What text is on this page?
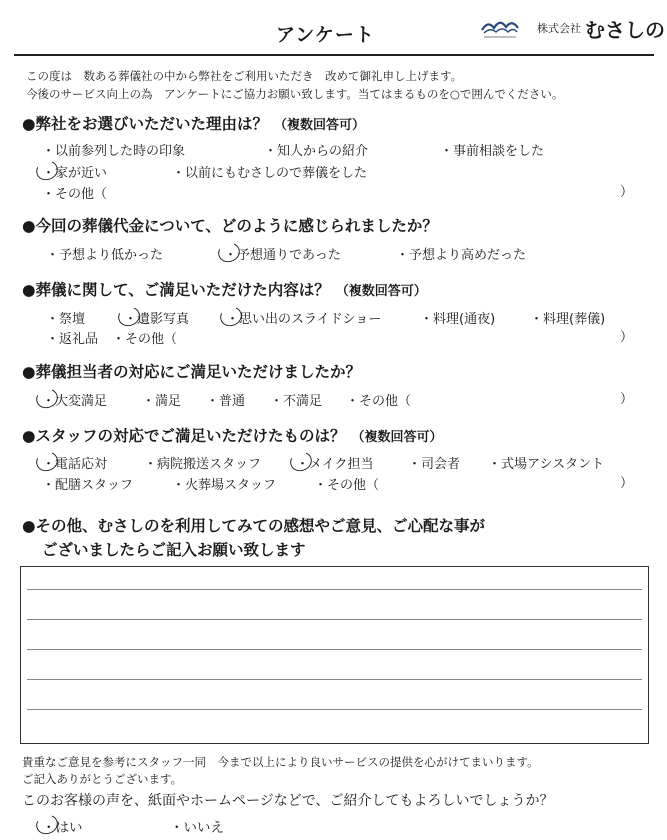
アンケート	株式会社 むさしの
この度は　数ある葬儀社の中から弊社をご利用いただき　改めて御礼申し上げます。
今後のサービス向上の為　アンケートにご協力お願い致します。当てはまるものを○で囲んでください。
●弊社をお選びいただいた理由は？ （複数回答可）
・以前参列した時の印象	・知人からの紹介	・事前相談をした
・家が近い	・以前にもむさしので葬儀をした
・その他（	）
●今回の葬儀代金について、どのように感じられましたか？
・予想より低かった	・予想通りであった	・予想より高めだった
●葬儀に関して、ご満足いただけた内容は？ （複数回答可）
・祭壇	・遺影写真	・思い出のスライドショー	・料理(通夜)	・料理(葬儀)
・返礼品 ・その他（	）
●葬儀担当者の対応にご満足いただけましたか？
・大変満足	・満足 ・普通 ・不満足 ・その他（	）
●スタッフの対応でご満足いただけたものは？ （複数回答可）
・電話応対	・病院搬送スタッフ	・メイク担当	・司会者 ・式場アシスタント
・配膳スタッフ	・火葬場スタッフ	・その他（	）
●その他、むさしのを利用してみての感想やご意見、ご心配な事が
ございましたらご記入お願い致します
貴重なご意見を参考にスタッフ一同　今まで以上により良いサービスの提供を心がけてまいります。
ご記入ありがとうございます。
このお客様の声を、紙面やホームページなどで、ご紹介してもよろしいでしょうか？
・はい	・いいえ
